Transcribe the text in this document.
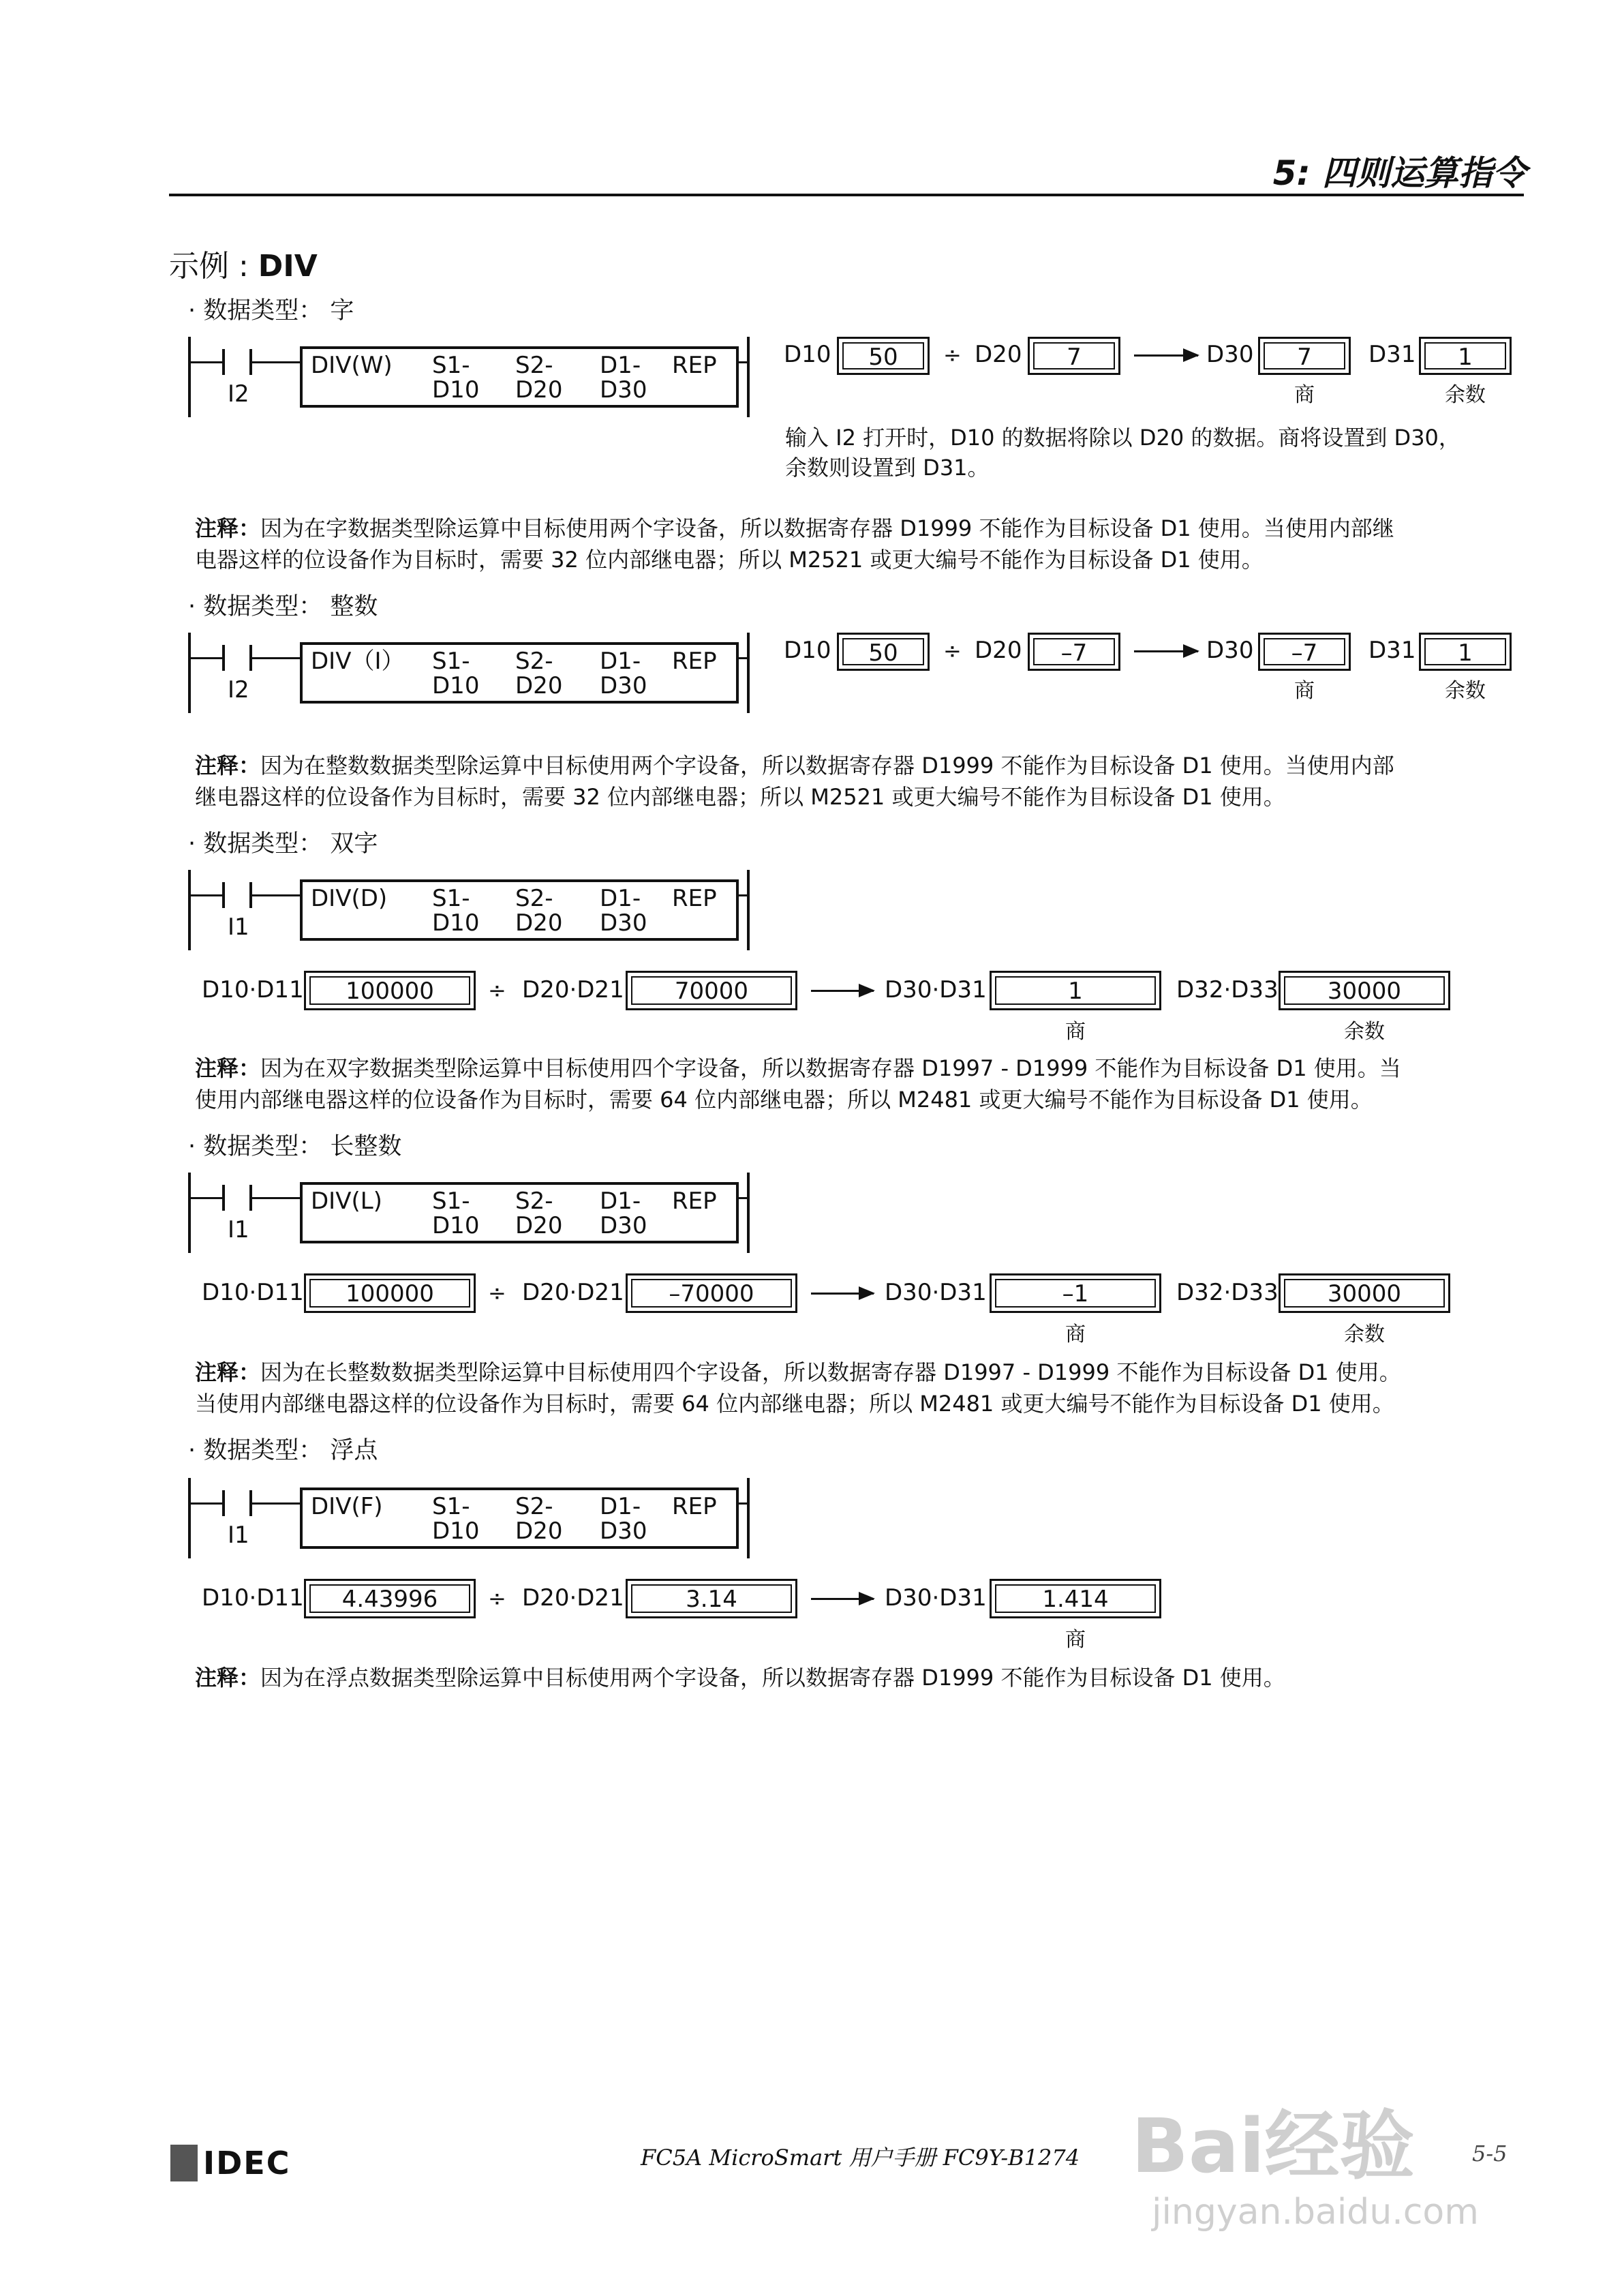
5: 四则运算指令
示例 : DIV
· 数据类型： 字
I2
DIV(W) S1-
D10
S2-
D20
D1-
D30
REP	D10	50	÷ D20	7	D30	7
商
D31	1
余数
输入 I2 打开时，D10 的数据将除以 D20 的数据。商将设置到 D30，
余数则设置到 D31。
注释：因为在字数据类型除运算中目标使用两个字设备，所以数据寄存器 D1999 不能作为目标设备 D1 使用。当使用内部继
电器这样的位设备作为目标时，需要 32 位内部继电器；所以 M2521 或更大编号不能作为目标设备 D1 使用。
· 数据类型： 整数
I2
DIV（I） S1-
D10
S2-
D20
D1-
D30
REP	D10	50	÷ D20	–7	D30	–7
商
D31	1
余数
注释：因为在整数数据类型除运算中目标使用两个字设备，所以数据寄存器 D1999 不能作为目标设备 D1 使用。当使用内部
继电器这样的位设备作为目标时，需要 32 位内部继电器；所以 M2521 或更大编号不能作为目标设备 D1 使用。
· 数据类型： 双字
I1
DIV(D) S1-
D10
S2-
D20
D1-
D30
REP
D10·D11	100000	÷ D20·D21	70000	D30·D31	1
商
D32·D33	30000
余数
注释：因为在双字数据类型除运算中目标使用四个字设备，所以数据寄存器 D1997 - D1999 不能作为目标设备 D1 使用。当
使用内部继电器这样的位设备作为目标时，需要 64 位内部继电器；所以 M2481 或更大编号不能作为目标设备 D1 使用。
· 数据类型： 长整数
I1
DIV(L) S1-
D10
S2-
D20
D1-
D30
REP
D10·D11	100000	÷ D20·D21	–70000	D30·D31	–1
商
D32·D33	30000
余数
注释：因为在长整数数据类型除运算中目标使用四个字设备，所以数据寄存器 D1997 - D1999 不能作为目标设备 D1 使用。
当使用内部继电器这样的位设备作为目标时，需要 64 位内部继电器；所以 M2481 或更大编号不能作为目标设备 D1 使用。
· 数据类型： 浮点
I1
DIV(F) S1-
D10
S2-
D20
D1-
D30
REP
D10·D11	4.43996	÷ D20·D21	3.14	D30·D31	1.414
商
注释：因为在浮点数据类型除运算中目标使用两个字设备，所以数据寄存器 D1999 不能作为目标设备 D1 使用。
Bai经验
jingyan.baidu.com
IDEC	FC5A MicroSmart 用户手册 FC9Y-B1274	5-5
